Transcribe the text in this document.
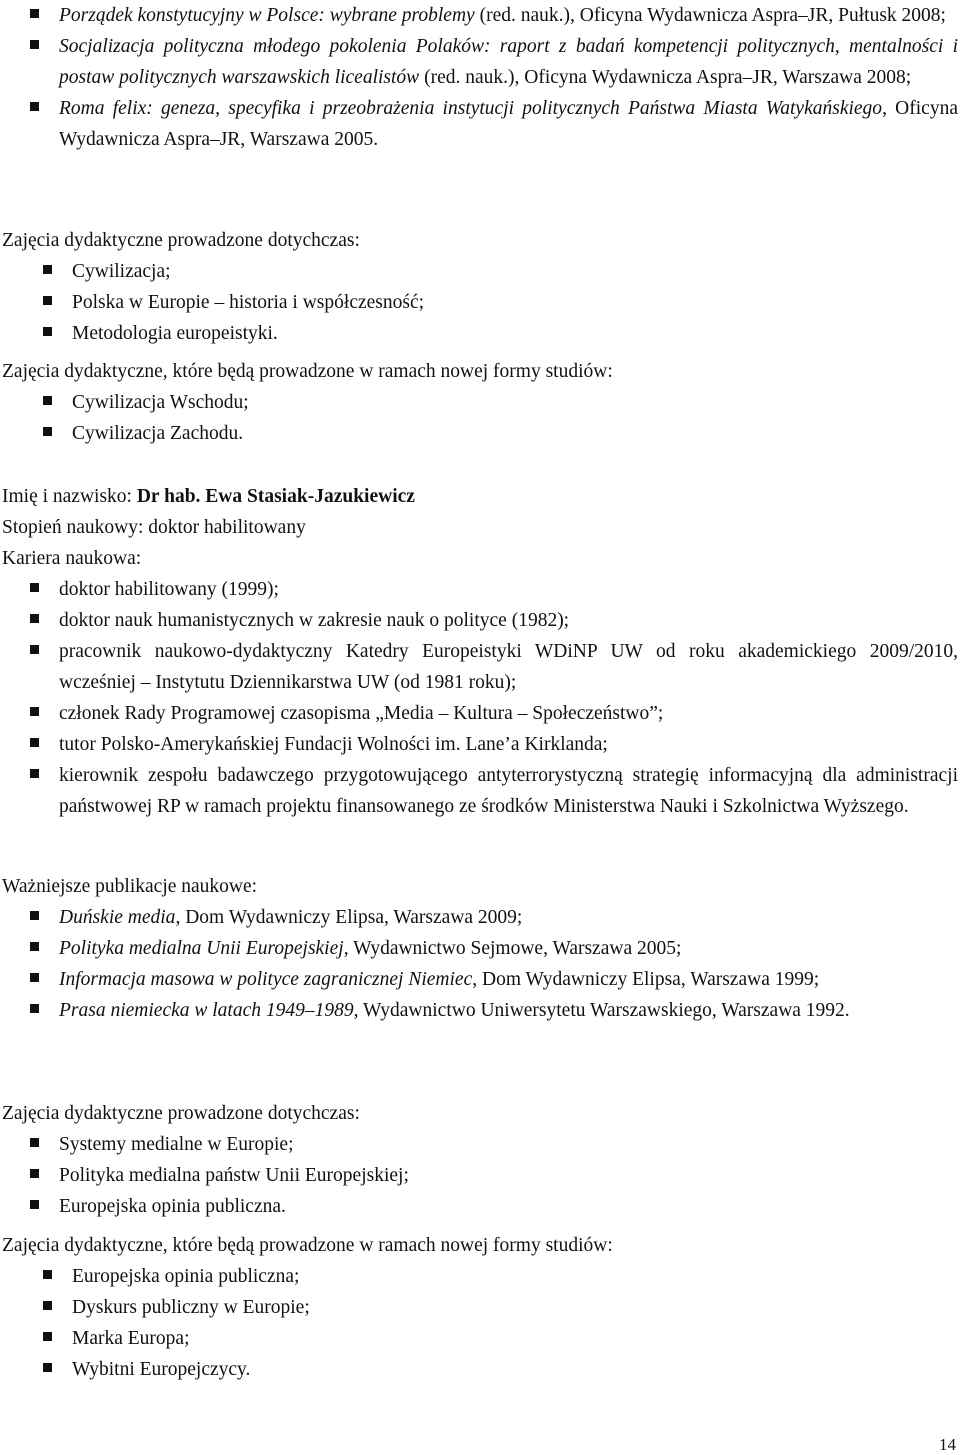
Porządek konstytucyjny w Polsce: wybrane problemy (red. nauk.), Oficyna Wydawnicza Aspra–JR, Pułtusk 2008;
Socjalizacja polityczna młodego pokolenia Polaków: raport z badań kompetencji politycznych, mentalności i postaw politycznych warszawskich licealistów (red. nauk.), Oficyna Wydawnicza Aspra–JR, Warszawa 2008;
Roma felix: geneza, specyfika i przeobrażenia instytucji politycznych Państwa Miasta Watykańskiego, Oficyna Wydawnicza Aspra–JR, Warszawa 2005.
Zajęcia dydaktyczne prowadzone dotychczas:
Cywilizacja;
Polska w Europie – historia i współczesność;
Metodologia europeistyki.
Zajęcia dydaktyczne, które będą prowadzone w ramach nowej formy studiów:
Cywilizacja Wschodu;
Cywilizacja Zachodu.
Imię i nazwisko: Dr hab. Ewa Stasiak-Jazukiewicz
Stopień naukowy: doktor habilitowany
Kariera naukowa:
doktor habilitowany (1999);
doktor nauk humanistycznych w zakresie nauk o polityce (1982);
pracownik naukowo-dydaktyczny Katedry Europeistyki WDiNP UW od roku akademickiego 2009/2010, wcześniej – Instytutu Dziennikarstwa UW (od 1981 roku);
członek Rady Programowej czasopisma „Media – Kultura – Społeczeństwo”;
tutor Polsko-Amerykańskiej Fundacji Wolności im. Lane’a Kirklanda;
kierownik zespołu badawczego przygotowującego antyterrorystyczną strategię informacyjną dla administracji państwowej RP w ramach projektu finansowanego ze środków Ministerstwa Nauki i Szkolnictwa Wyższego.
Ważniejsze publikacje naukowe:
Duńskie media, Dom Wydawniczy Elipsa, Warszawa 2009;
Polityka medialna Unii Europejskiej, Wydawnictwo Sejmowe, Warszawa 2005;
Informacja masowa w polityce zagranicznej Niemiec, Dom Wydawniczy Elipsa, Warszawa 1999;
Prasa niemiecka w latach 1949–1989, Wydawnictwo Uniwersytetu Warszawskiego, Warszawa 1992.
Zajęcia dydaktyczne prowadzone dotychczas:
Systemy medialne w Europie;
Polityka medialna państw Unii Europejskiej;
Europejska opinia publiczna.
Zajęcia dydaktyczne, które będą prowadzone w ramach nowej formy studiów:
Europejska opinia publiczna;
Dyskurs publiczny w Europie;
Marka Europa;
Wybitni Europejczycy.
14
